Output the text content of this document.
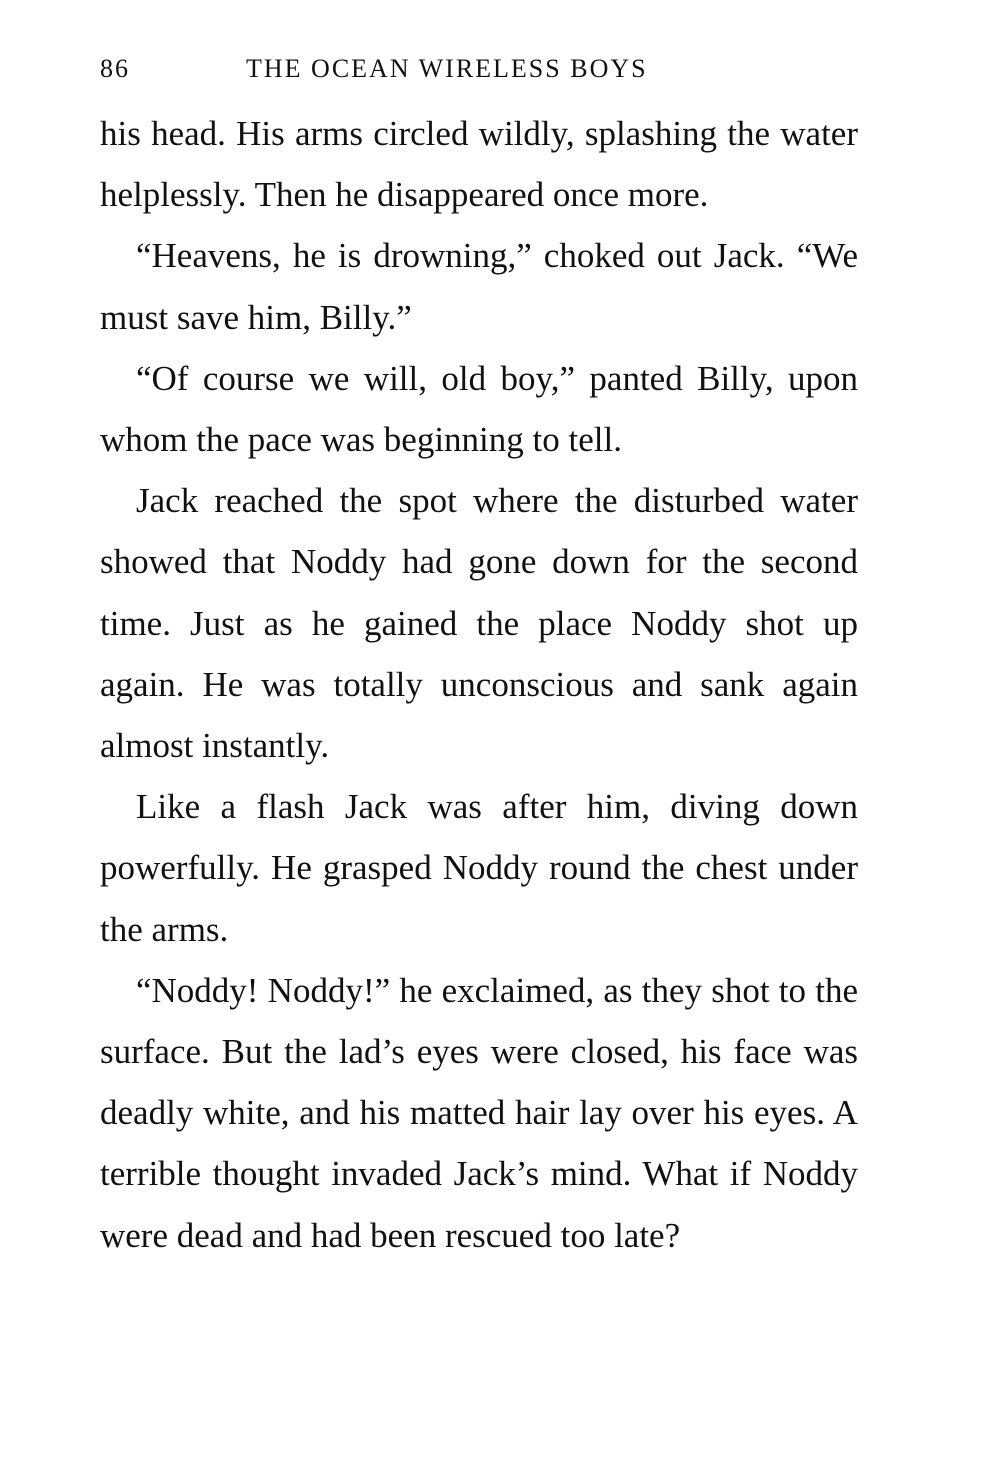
86	THE OCEAN WIRELESS BOYS

his head. His arms circled wildly, splashing the water helplessly. Then he disappeared once more.

“Heavens, he is drowning,” choked out Jack. “We must save him, Billy.”

“Of course we will, old boy,” panted Billy, upon whom the pace was beginning to tell.

Jack reached the spot where the disturbed water showed that Noddy had gone down for the second time. Just as he gained the place Noddy shot up again. He was totally unconscious and sank again almost instantly.

Like a flash Jack was after him, diving down powerfully. He grasped Noddy round the chest under the arms.

“Noddy! Noddy!” he exclaimed, as they shot to the surface. But the lad’s eyes were closed, his face was deadly white, and his matted hair lay over his eyes. A terrible thought invaded Jack’s mind. What if Noddy were dead and had been rescued too late?
